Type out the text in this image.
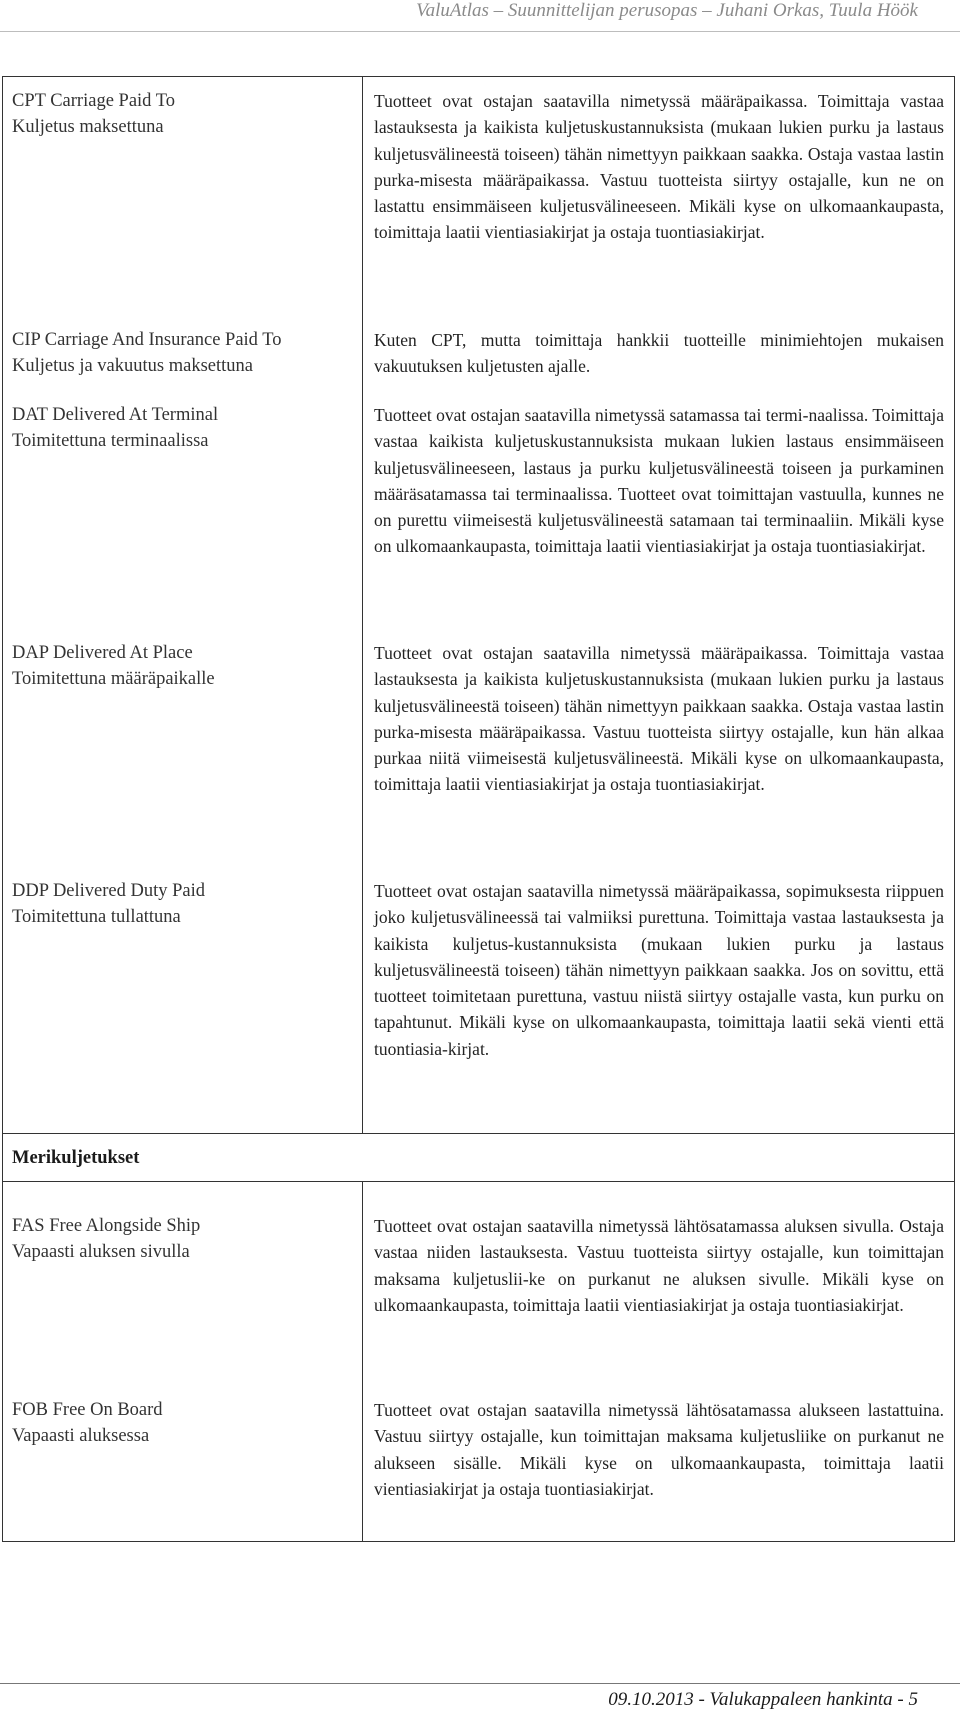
ValuAtlas – Suunnittelijan perusopas – Juhani Orkas, Tuula Höök
CPT Carriage Paid To
Kuljetus maksettuna
Tuotteet ovat ostajan saatavilla nimetyssä määräpaikassa. Toimittaja vastaa lastauksesta ja kaikista kuljetuskustannuksista (mukaan lukien purku ja lastaus kuljetusvälineestä toiseen) tähän nimettyyn paikkaan saakka. Ostaja vastaa lastin purka-misesta määräpaikassa. Vastuu tuotteista siirtyy ostajalle, kun ne on lastattu ensimmäiseen kuljetusvälineeseen. Mikäli kyse on ulkomaankaupasta, toimittaja laatii vientiasiakirjat ja ostaja tuontiasiakirjat.
CIP Carriage And Insurance Paid To
Kuljetus ja vakuutus maksettuna
Kuten CPT, mutta toimittaja hankkii tuotteille minimiehtojen mukaisen vakuutuksen kuljetusten ajalle.
DAT Delivered At Terminal
Toimitettuna terminaalissa
Tuotteet ovat ostajan saatavilla nimetyssä satamassa tai termi-naalissa. Toimittaja vastaa kaikista kuljetuskustannuksista mukaan lukien lastaus ensimmäiseen kuljetusvälineeseen, lastaus ja purku kuljetusvälineestä toiseen ja purkaminen määräsatamassa tai terminaalissa. Tuotteet ovat toimittajan vastuulla, kunnes ne on purettu viimeisestä kuljetusvälineestä satamaan tai terminaaliin. Mikäli kyse on ulkomaankaupasta, toimittaja laatii vientiasiakirjat ja ostaja tuontiasiakirjat.
DAP Delivered At Place
Toimitettuna määräpaikalle
Tuotteet ovat ostajan saatavilla nimetyssä määräpaikassa. Toimittaja vastaa lastauksesta ja kaikista kuljetuskustannuksista (mukaan lukien purku ja lastaus kuljetusvälineestä toiseen) tähän nimettyyn paikkaan saakka. Ostaja vastaa lastin purka-misesta määräpaikassa. Vastuu tuotteista siirtyy ostajalle, kun hän alkaa purkaa niitä viimeisestä kuljetusvälineestä. Mikäli kyse on ulkomaankaupasta, toimittaja laatii vientiasiakirjat ja ostaja tuontiasiakirjat.
DDP Delivered Duty Paid
Toimitettuna tullattuna
Tuotteet ovat ostajan saatavilla nimetyssä määräpaikassa, sopimuksesta riippuen joko kuljetusvälineessä tai valmiiksi purettuna. Toimittaja vastaa lastauksesta ja kaikista kuljetus-kustannuksista (mukaan lukien purku ja lastaus kuljetusvälineestä toiseen) tähän nimettyyn paikkaan saakka. Jos on sovittu, että tuotteet toimitetaan purettuna, vastuu niistä siirtyy ostajalle vasta, kun purku on tapahtunut. Mikäli kyse on ulkomaankaupasta, toimittaja laatii sekä vienti että tuontiasia-kirjat.
Merikuljetukset
FAS Free Alongside Ship
Vapaasti aluksen sivulla
Tuotteet ovat ostajan saatavilla nimetyssä lähtösatamassa aluksen sivulla. Ostaja vastaa niiden lastauksesta. Vastuu tuotteista siirtyy ostajalle, kun toimittajan maksama kuljetuslii-ke on purkanut ne aluksen sivulle. Mikäli kyse on ulkomaankaupasta, toimittaja laatii vientiasiakirjat ja ostaja tuontiasiakirjat.
FOB Free On Board
Vapaasti aluksessa
Tuotteet ovat ostajan saatavilla nimetyssä lähtösatamassa alukseen lastattuina. Vastuu siirtyy ostajalle, kun toimittajan maksama kuljetusliike on purkanut ne alukseen sisälle. Mikäli kyse on ulkomaankaupasta, toimittaja laatii vientiasiakirjat ja ostaja tuontiasiakirjat.
09.10.2013 - Valukappaleen hankinta - 5
